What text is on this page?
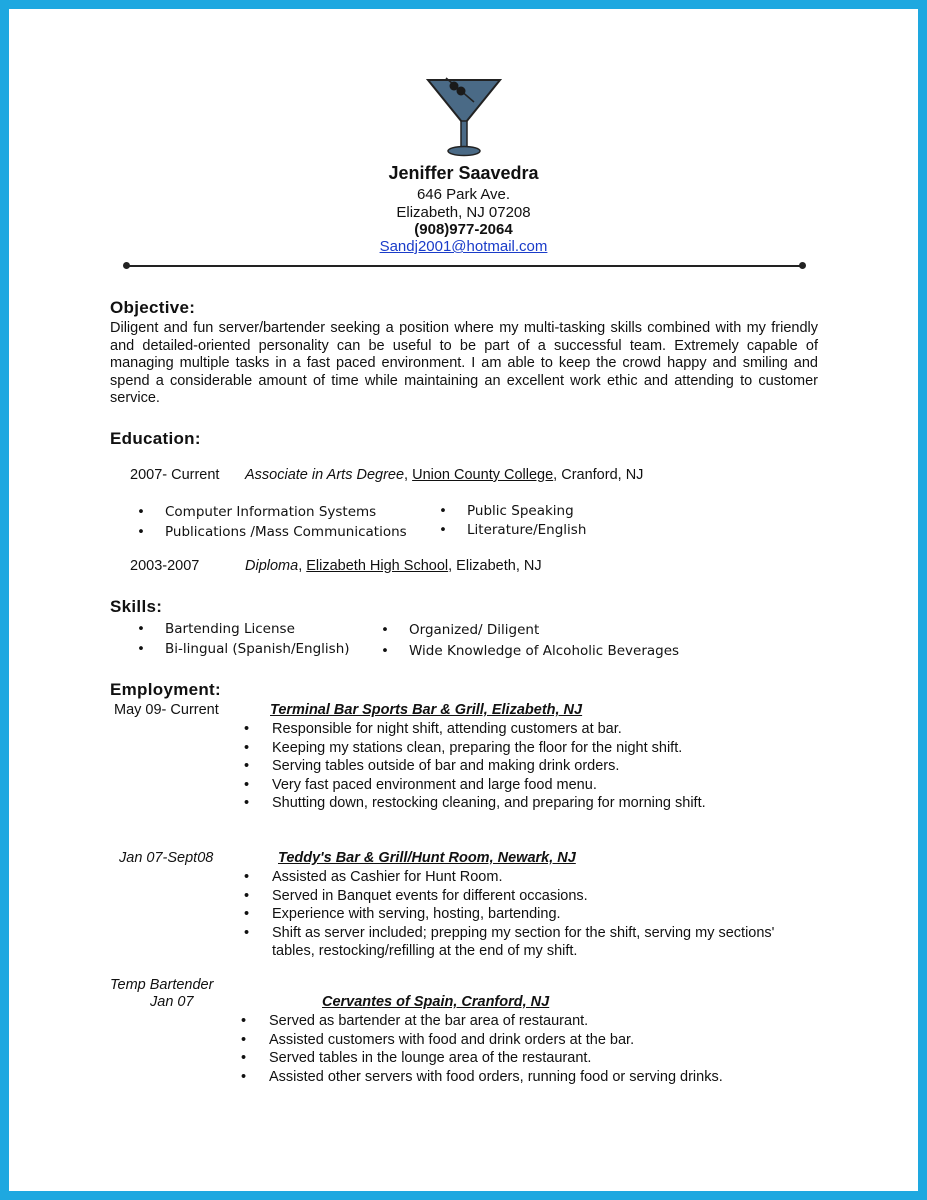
Jeniffer Saavedra
646 Park Ave.
Elizabeth, NJ 07208
(908)977-2064
Sandj2001@hotmail.com
Objective:
Diligent and fun server/bartender seeking a position where my multi-tasking skills combined with my friendly and detailed-oriented personality can be useful to be part of a successful team. Extremely capable of managing multiple tasks in a fast paced environment. I am able to keep the crowd happy and smiling and spend a considerable amount of time while maintaining an excellent work ethic and attending to customer service.
Education:
2007- Current Associate in Arts Degree, Union County College, Cranford, NJ
• Computer Information Systems
• Publications /Mass Communications
• Public Speaking
• Literature/English
2003-2007	Diploma, Elizabeth High School, Elizabeth, NJ
Skills:
• Bartending License
• Bi-lingual (Spanish/English)
• Organized/ Diligent
• Wide Knowledge of Alcoholic Beverages
Employment:
May 09- Current	Terminal Bar Sports Bar & Grill, Elizabeth, NJ
• Responsible for night shift, attending customers at bar.
• Keeping my stations clean, preparing the floor for the night shift.
• Serving tables outside of bar and making drink orders.
• Very fast paced environment and large food menu.
• Shutting down, restocking cleaning, and preparing for morning shift.
Jan 07-Sept08	Teddy's Bar & Grill/Hunt Room, Newark, NJ
• Assisted as Cashier for Hunt Room.
• Served in Banquet events for different occasions.
• Experience with serving, hosting, bartending.
• Shift as server included; prepping my section for the shift, serving my sections' tables, restocking/refilling at the end of my shift.
Temp Bartender
Jan 07	Cervantes of Spain, Cranford, NJ
• Served as bartender at the bar area of restaurant.
• Assisted customers with food and drink orders at the bar.
• Served tables in the lounge area of the restaurant.
• Assisted other servers with food orders, running food or serving drinks.
